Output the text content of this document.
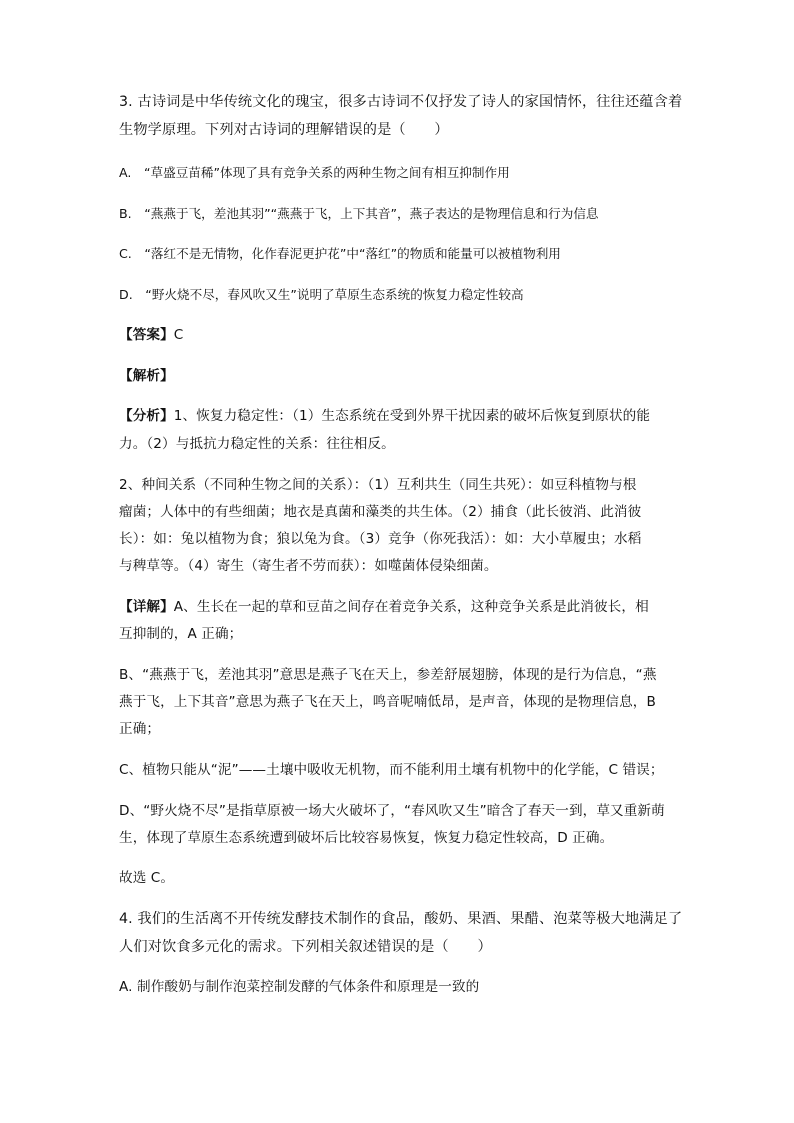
3. 古诗词是中华传统文化的瑰宝，很多古诗词不仅抒发了诗人的家国情怀，往往还蕴含着
生物学原理。下列对古诗词的理解错误的是（　　）
A.　“草盛豆苗稀”体现了具有竞争关系的两种生物之间有相互抑制作用
B.　“燕燕于飞，差池其羽”“燕燕于飞，上下其音”，燕子表达的是物理信息和行为信息
C.　“落红不是无情物，化作春泥更护花”中“落红”的物质和能量可以被植物利用
D.　“野火烧不尽，春风吹又生”说明了草原生态系统的恢复力稳定性较高
【答案】C
【解析】
【分析】1、恢复力稳定性：（1）生态系统在受到外界干扰因素的破坏后恢复到原状的能
力。（2）与抵抗力稳定性的关系：往往相反。
2、种间关系（不同种生物之间的关系）：（1）互利共生（同生共死）：如豆科植物与根
瘤菌；人体中的有些细菌；地衣是真菌和藻类的共生体。（2）捕食（此长彼消、此消彼
长）：如：兔以植物为食；狼以兔为食。（3）竞争（你死我活）：如：大小草履虫；水稻
与稗草等。（4）寄生（寄生者不劳而获）：如噬菌体侵染细菌。
【详解】A、生长在一起的草和豆苗之间存在着竞争关系，这种竞争关系是此消彼长，相
互抑制的，A 正确；
B、“燕燕于飞，差池其羽”意思是燕子飞在天上，参差舒展翅膀，体现的是行为信息，“燕
燕于飞，上下其音”意思为燕子飞在天上，鸣音呢喃低昂，是声音，体现的是物理信息，B
正确；
C、植物只能从“泥”——土壤中吸收无机物，而不能利用土壤有机物中的化学能，C 错误；
D、“野火烧不尽”是指草原被一场大火破坏了，“春风吹又生”暗含了春天一到，草又重新萌
生，体现了草原生态系统遭到破坏后比较容易恢复，恢复力稳定性较高，D 正确。
故选 C。
4. 我们的生活离不开传统发酵技术制作的食品，酸奶、果酒、果醋、泡菜等极大地满足了
人们对饮食多元化的需求。下列相关叙述错误的是（　　）
A. 制作酸奶与制作泡菜控制发酵的气体条件和原理是一致的
